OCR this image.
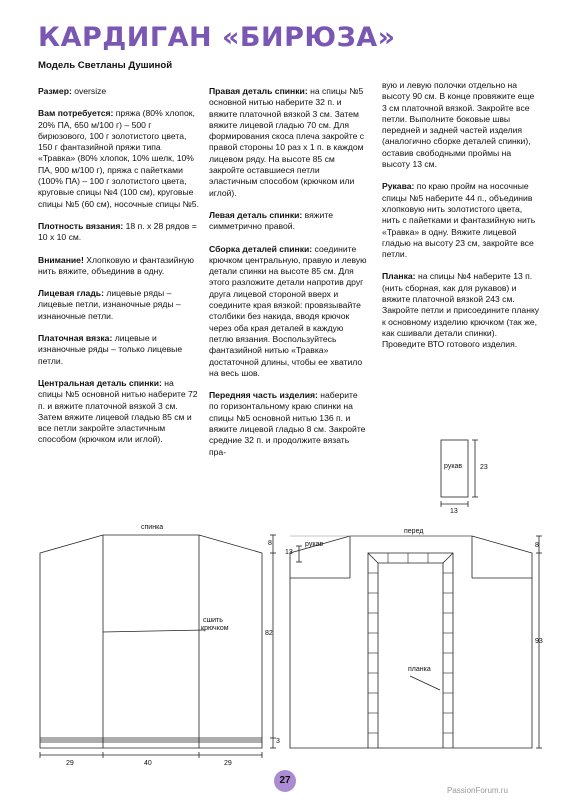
КАРДИГАН «БИРЮЗА»
Модель Светланы Душиной

Размер: oversize

Вам потребуется: пряжа (80% хлопок, 20% ПА, 650 м/100 г) – 500 г бирюзового, 100 г золотистого цвета, 150 г фантазийной пряжи типа «Травка» (80% хлопок, 10% шелк, 10% ПА, 900 м/100 г), пряжа с пайетками (100% ПА) – 100 г золотистого цвета, круговые спицы №4 (100 см), круговые спицы №5 (60 см), носочные спицы №5.

Плотность вязания: 18 п. х 28 рядов = 10 х 10 см.

Внимание! Хлопковую и фантазийную нить вяжите, объединив в одну.

Лицевая гладь: лицевые ряды – лицевые петли, изнаночные ряды – изнаночные петли.

Платочная вязка: лицевые и изнаночные ряды – только лицевые петли.

Центральная деталь спинки: на спицы №5 основной нитью наберите 72 п. и вяжите платочной вязкой 3 см. Затем вяжите лицевой гладью 85 см и все петли закройте эластичным способом (крючком или иглой).

Правая деталь спинки: на спицы №5 основной нитью наберите 32 п. и вяжите платочной вязкой 3 см. Затем вяжите лицевой гладью 70 см. Для формирования скоса плеча закройте с правой стороны 10 раз х 1 п. в каждом лицевом ряду. На высоте 85 см закройте оставшиеся петли эластичным способом (крючком или иглой).

Левая деталь спинки: вяжите симметрично правой.

Сборка деталей спинки: соедините крючком центральную, правую и левую детали спинки на высоте 85 см. Для этого разложите детали напротив друг друга лицевой стороной вверх и соедините края вязкой: провязывайте столбики без накида, вводя крючок через оба края деталей в каждую петлю вязания. Воспользуйтесь фантазийной нитью «Травка» достаточной длины, чтобы ее хватило на весь шов.

Передняя часть изделия: наберите по горизонтальному краю спинки на спицы №5 основной нитью 136 п. и вяжите лицевой гладью 8 см. Закройте средние 32 п. и продолжите вязать пра-

вую и левую полочки отдельно на высоту 90 см. В конце провяжите еще 3 см платочной вязкой. Закройте все петли. Выполните боковые швы передней и задней частей изделия (аналогично сборке деталей спинки), оставив свободными проймы на высоту 13 см.

Рукава: по краю пройм на носочные спицы №5 наберите 44 п., объединив хлопковую нить золотистого цвета, нить с пайетками и фантазийную нить «Травка» в одну. Вяжите лицевой гладью на высоту 23 см, закройте все петли.

Планка: на спицы №4 наберите 13 п. (нить сборная, как для рукавов) и вяжите платочной вязкой 243 см. Закройте петли и присоедините планку к основному изделию крючком (так же, как сшивали детали спинки). Проведите ВТО готового изделия.

рукав	23
13
спинка
8
82
3
29	40	29
сшить
крючком
перед
рукав
13
8
93
планка
27
PassionForum.ru
